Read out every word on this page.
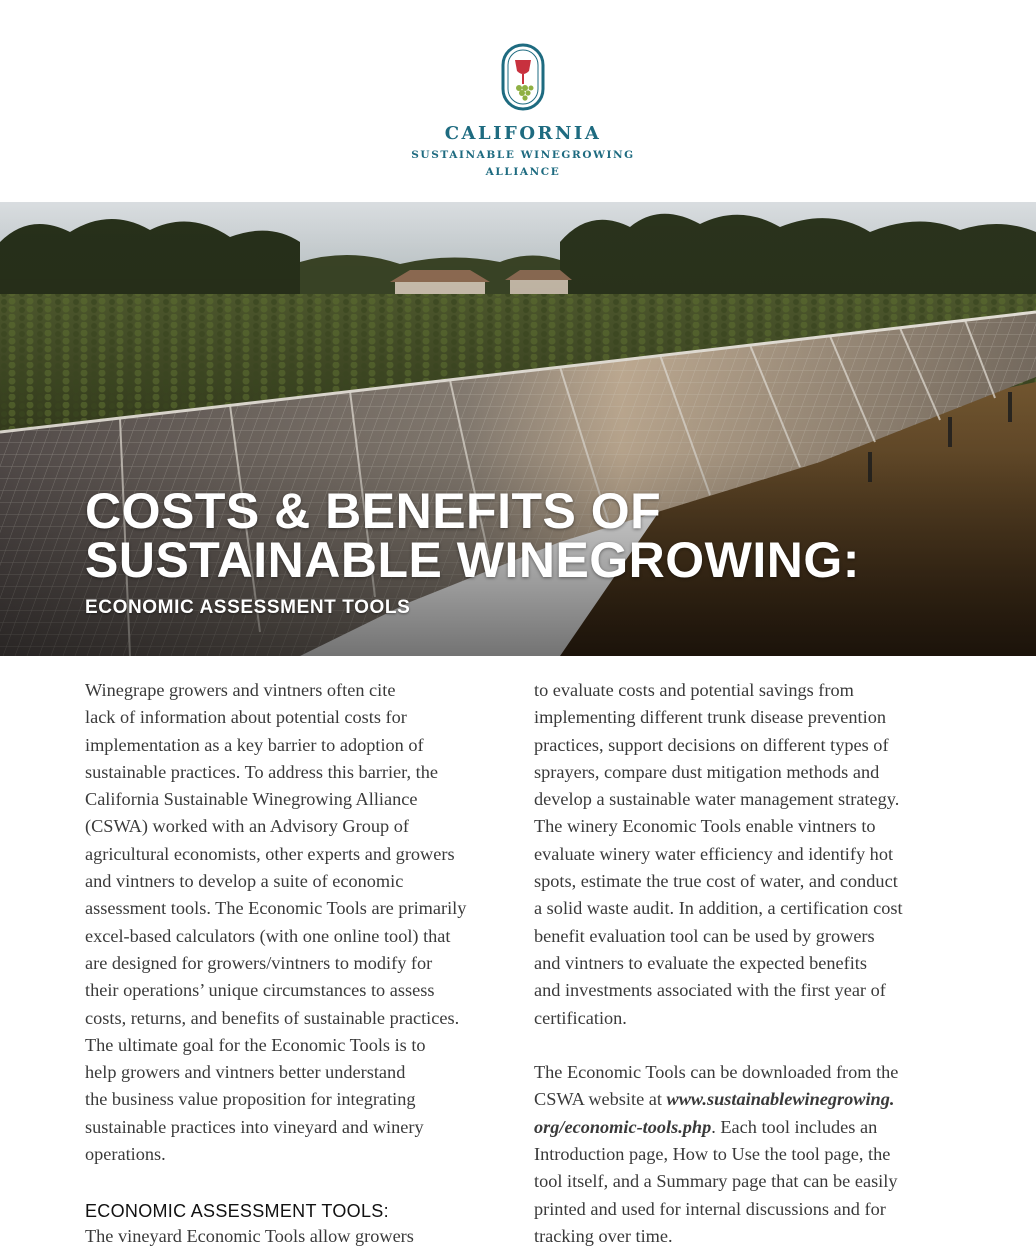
CALIFORNIA
SUSTAINABLE WINEGROWING
ALLIANCE
COSTS & BENEFITS OF
SUSTAINABLE WINEGROWING:
ECONOMIC ASSESSMENT TOOLS
Winegrape growers and vintners often cite
lack of information about potential costs for
implementation as a key barrier to adoption of
sustainable practices. To address this barrier, the
California Sustainable Winegrowing Alliance
(CSWA) worked with an Advisory Group of
agricultural economists, other experts and growers
and vintners to develop a suite of economic
assessment tools. The Economic Tools are primarily
excel-based calculators (with one online tool) that
are designed for growers/vintners to modify for
their operations’ unique circumstances to assess
costs, returns, and benefits of sustainable practices.
The ultimate goal for the Economic Tools is to
help growers and vintners better understand
the business value proposition for integrating
sustainable practices into vineyard and winery
operations.
ECONOMIC ASSESSMENT TOOLS:
The vineyard Economic Tools allow growers
to evaluate costs and potential savings from
implementing different trunk disease prevention
practices, support decisions on different types of
sprayers, compare dust mitigation methods and
develop a sustainable water management strategy.
The winery Economic Tools enable vintners to
evaluate winery water efficiency and identify hot
spots, estimate the true cost of water, and conduct
a solid waste audit. In addition, a certification cost
benefit evaluation tool can be used by growers
and vintners to evaluate the expected benefits
and investments associated with the first year of
certification.
The Economic Tools can be downloaded from the
CSWA website at www.sustainablewinegrowing.
org/economic-tools.php. Each tool includes an
Introduction page, How to Use the tool page, the
tool itself, and a Summary page that can be easily
printed and used for internal discussions and for
tracking over time.
